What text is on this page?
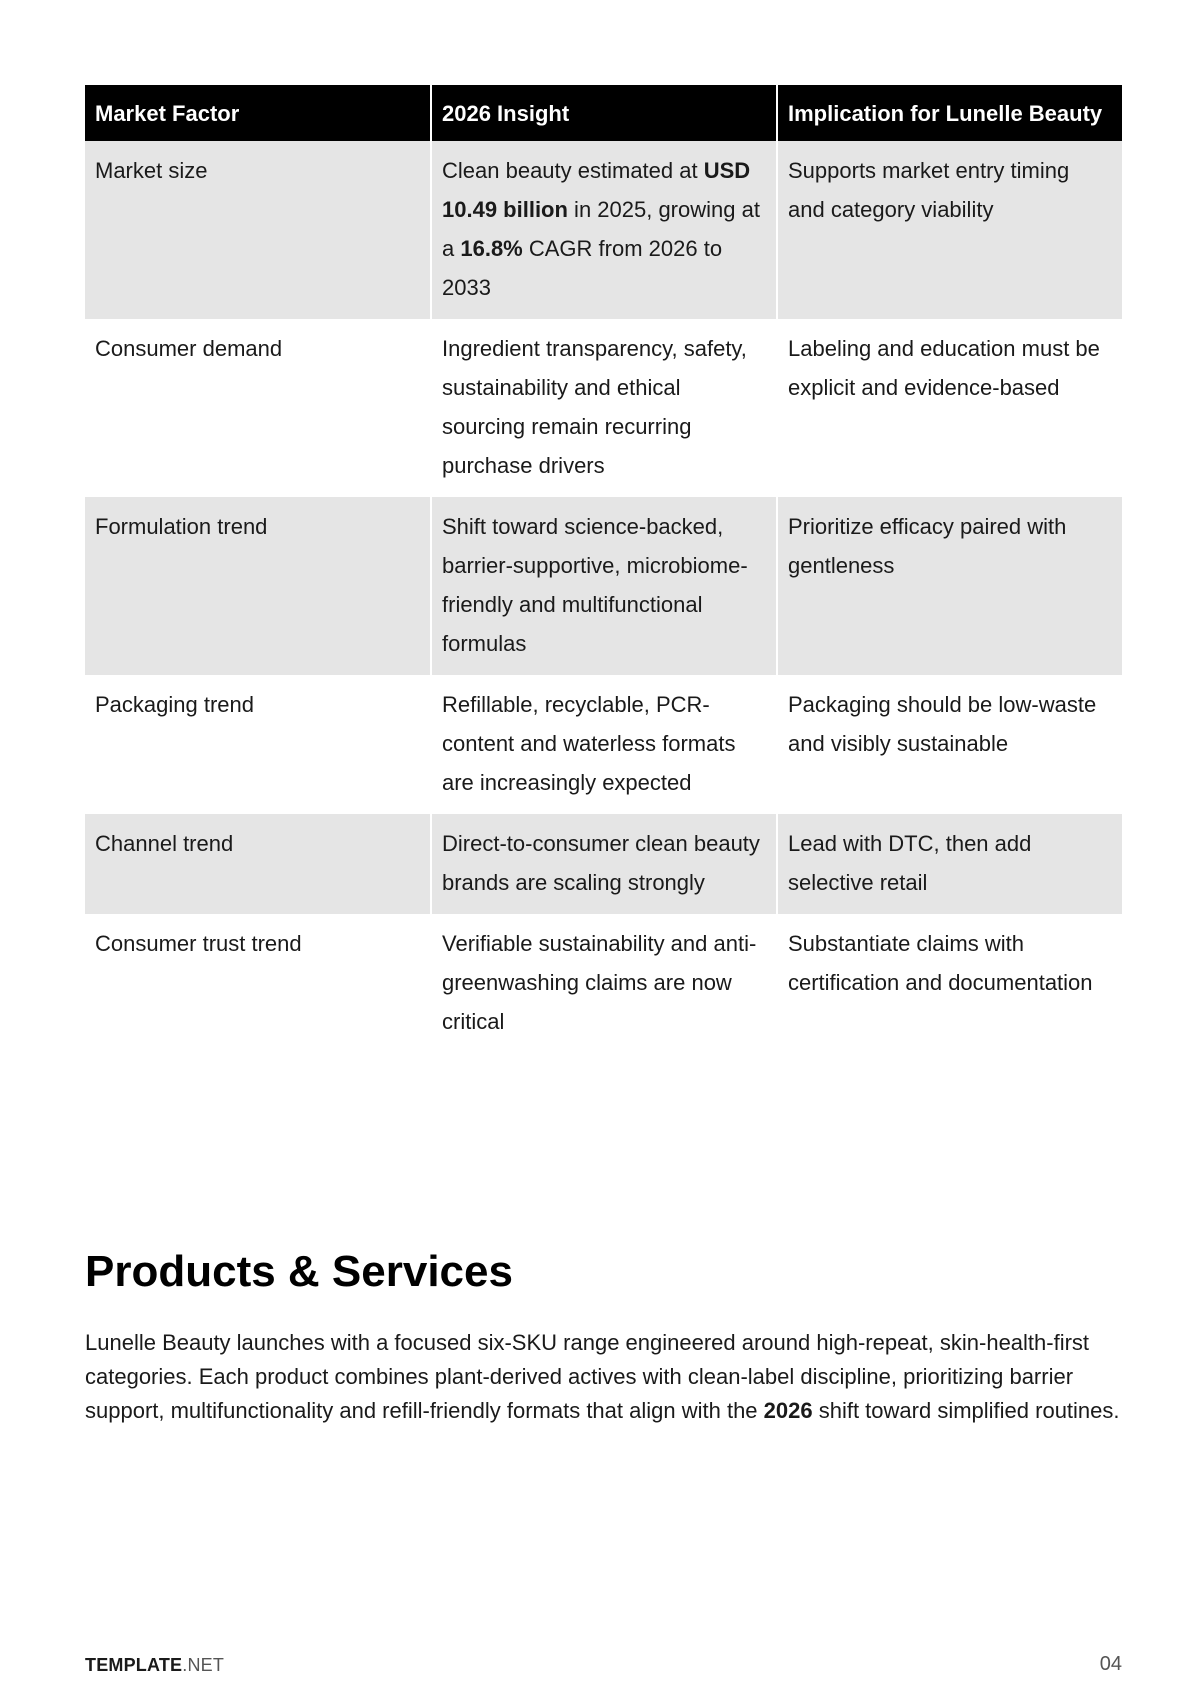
Market Factor	2026 Insight	Implication for Lunelle Beauty
Market size	Clean beauty estimated at USD 10.49 billion in 2025, growing at a 16.8% CAGR from 2026 to 2033	Supports market entry timing and category viability
Consumer demand	Ingredient transparency, safety, sustainability and ethical sourcing remain recurring purchase drivers	Labeling and education must be explicit and evidence-based
Formulation trend	Shift toward science-backed, barrier-supportive, microbiome-friendly and multifunctional formulas	Prioritize efficacy paired with gentleness
Packaging trend	Refillable, recyclable, PCR-content and waterless formats are increasingly expected	Packaging should be low-waste and visibly sustainable
Channel trend	Direct-to-consumer clean beauty brands are scaling strongly	Lead with DTC, then add selective retail
Consumer trust trend	Verifiable sustainability and anti-greenwashing claims are now critical	Substantiate claims with certification and documentation
Products & Services

Lunelle Beauty launches with a focused six-SKU range engineered around high-repeat, skin-health-first categories. Each product combines plant-derived actives with clean-label discipline, prioritizing barrier support, multifunctionality and refill-friendly formats that align with the 2026 shift toward simplified routines.

TEMPLATE.NET	04
